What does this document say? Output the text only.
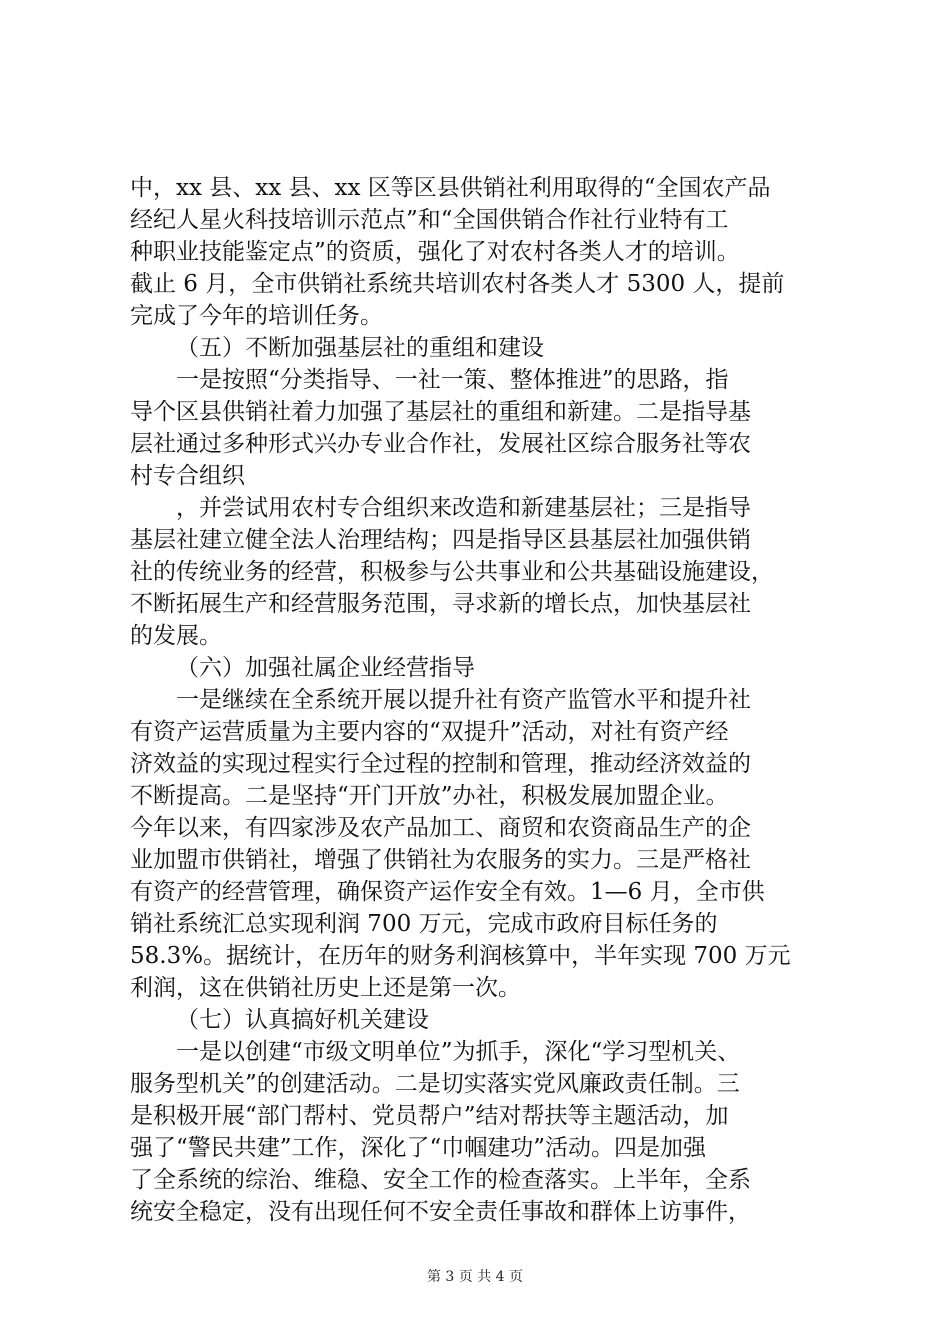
中，xx 县、xx 县、xx 区等区县供销社利用取得的“全国农产品
经纪人星火科技培训示范点”和“全国供销合作社行业特有工
种职业技能鉴定点”的资质，强化了对农村各类人才的培训。
截止 6 月，全市供销社系统共培训农村各类人才 5300 人，提前
完成了今年的培训任务。
（五）不断加强基层社的重组和建设
一是按照“分类指导、一社一策、整体推进”的思路，指
导个区县供销社着力加强了基层社的重组和新建。二是指导基
层社通过多种形式兴办专业合作社，发展社区综合服务社等农
村专合组织
，并尝试用农村专合组织来改造和新建基层社；三是指导
基层社建立健全法人治理结构；四是指导区县基层社加强供销
社的传统业务的经营，积极参与公共事业和公共基础设施建设，
不断拓展生产和经营服务范围，寻求新的增长点，加快基层社
的发展。
（六）加强社属企业经营指导
一是继续在全系统开展以提升社有资产监管水平和提升社
有资产运营质量为主要内容的“双提升”活动，对社有资产经
济效益的实现过程实行全过程的控制和管理，推动经济效益的
不断提高。二是坚持“开门开放”办社，积极发展加盟企业。
今年以来，有四家涉及农产品加工、商贸和农资商品生产的企
业加盟市供销社，增强了供销社为农服务的实力。三是严格社
有资产的经营管理，确保资产运作安全有效。1—6 月，全市供
销社系统汇总实现利润 700 万元，完成市政府目标任务的
58.3%。据统计，在历年的财务利润核算中，半年实现 700 万元
利润，这在供销社历史上还是第一次。
（七）认真搞好机关建设
一是以创建“市级文明单位”为抓手，深化“学习型机关、
服务型机关”的创建活动。二是切实落实党风廉政责任制。三
是积极开展“部门帮村、党员帮户”结对帮扶等主题活动，加
强了“警民共建”工作，深化了“巾帼建功”活动。四是加强
了全系统的综治、维稳、安全工作的检查落实。上半年，全系
统安全稳定，没有出现任何不安全责任事故和群体上访事件，
第 3 页 共 4 页
